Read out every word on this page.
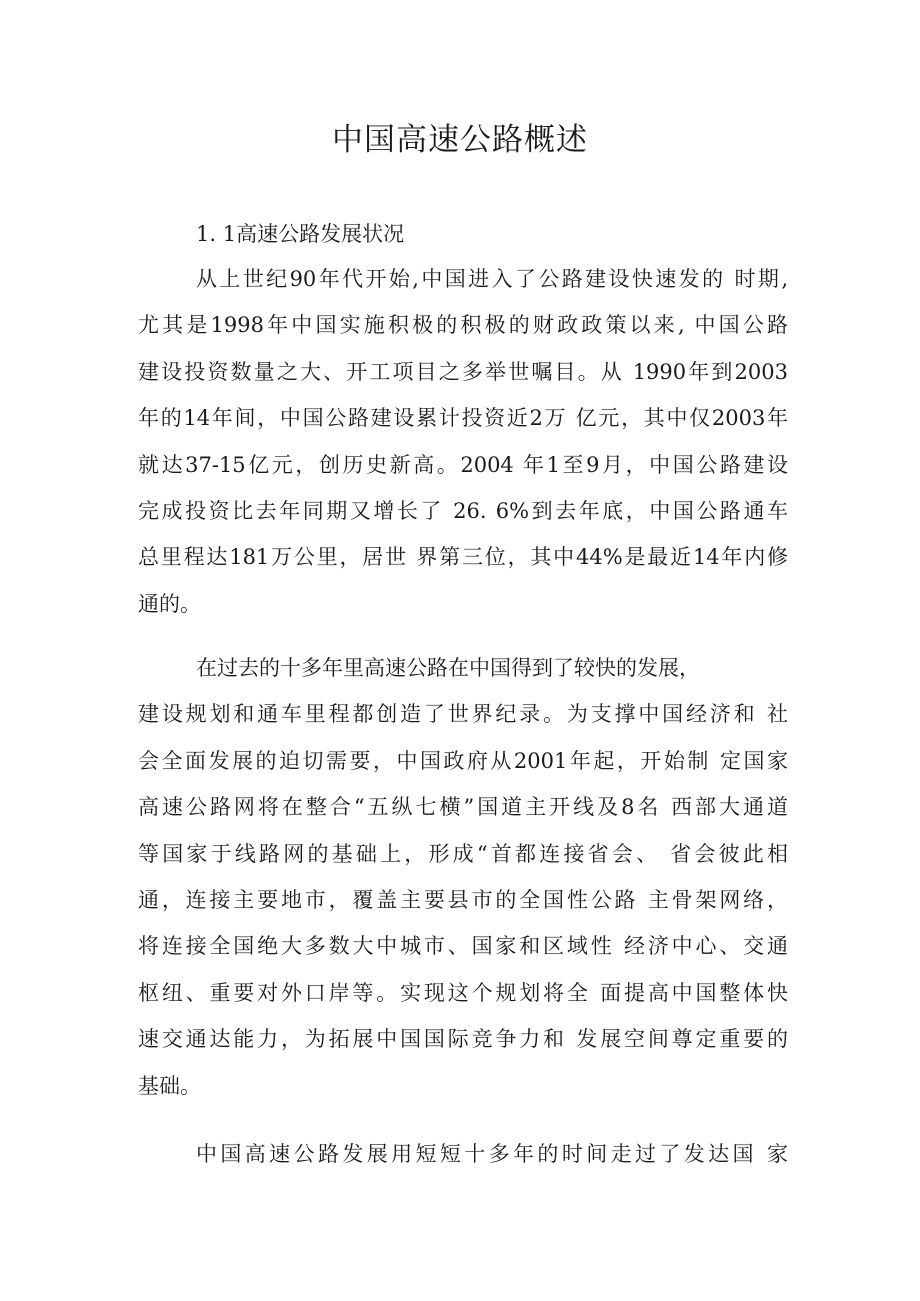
中国高速公路概述
1. 1高速公路发展状况
从上世纪90年代开始,中国进入了公路建设快速发的 时期,
尤其是1998年中国实施积极的积极的财政政策以来, 中国公路
建设投资数量之大、开工项目之多举世嘱目。从 1990年到2003
年的14年间，中国公路建设累计投资近2万 亿元，其中仅2003年
就达37-15亿元，创历史新高。2004 年1至9月，中国公路建设
完成投资比去年同期又增长了 26. 6%到去年底，中国公路通车
总里程达181万公里，居世 界第三位，其中44%是最近14年内修
通的。
在过去的十多年里高速公路在中国得到了较快的发展，
建设规划和通车里程都创造了世界纪录。为支撑中国经济和 社
会全面发展的迫切需要，中国政府从2001年起，开始制 定国家
高速公路网将在整合“五纵七横”国道主开线及8名 西部大通道
等国家于线路网的基础上，形成“首都连接省会、 省会彼此相
通，连接主要地市，覆盖主要县市的全国性公路 主骨架网络，
将连接全国绝大多数大中城市、国家和区域性 经济中心、交通
枢纽、重要对外口岸等。实现这个规划将全 面提高中国整体快
速交通达能力，为拓展中国国际竞争力和 发展空间尊定重要的
基础。
中国高速公路发展用短短十多年的时间走过了发达国 家
